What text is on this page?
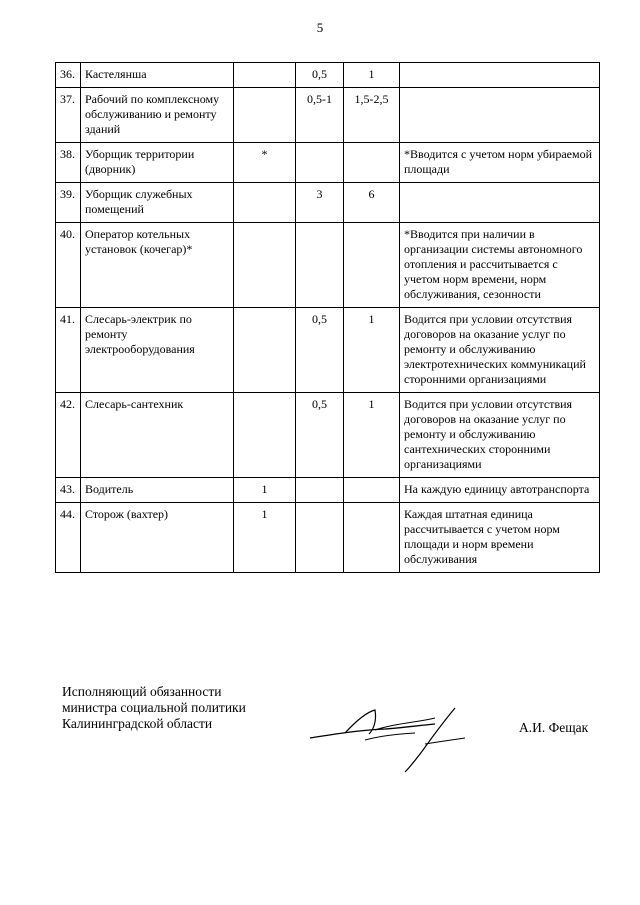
5
36.	Кастелянша		0,5	1	
37.	Рабочий по комплексному обслуживанию и ремонту зданий		0,5-1	1,5-2,5	
38.	Уборщик территории (дворник)	*			*Вводится с учетом норм убираемой площади
39.	Уборщик служебных помещений		3	6	
40.	Оператор котельных установок (кочегар)*				*Вводится при наличии в организации системы автономного отопления и рассчитывается с учетом норм времени, норм обслуживания, сезонности
41.	Слесарь-электрик по ремонту электрооборудования		0,5	1	Водится при условии отсутствия договоров на оказание услуг по ремонту и обслуживанию электротехнических коммуникаций сторонними организациями
42.	Слесарь-сантехник		0,5	1	Водится при условии отсутствия договоров на оказание услуг по ремонту и обслуживанию сантехнических сторонними организациями
43.	Водитель	1			На каждую единицу автотранспорта
44.	Сторож (вахтер)	1			Каждая штатная единица рассчитывается с учетом норм площади и норм времени обслуживания
Исполняющий обязанности
министра социальной политики
Калининградской области	А.И. Фещак
